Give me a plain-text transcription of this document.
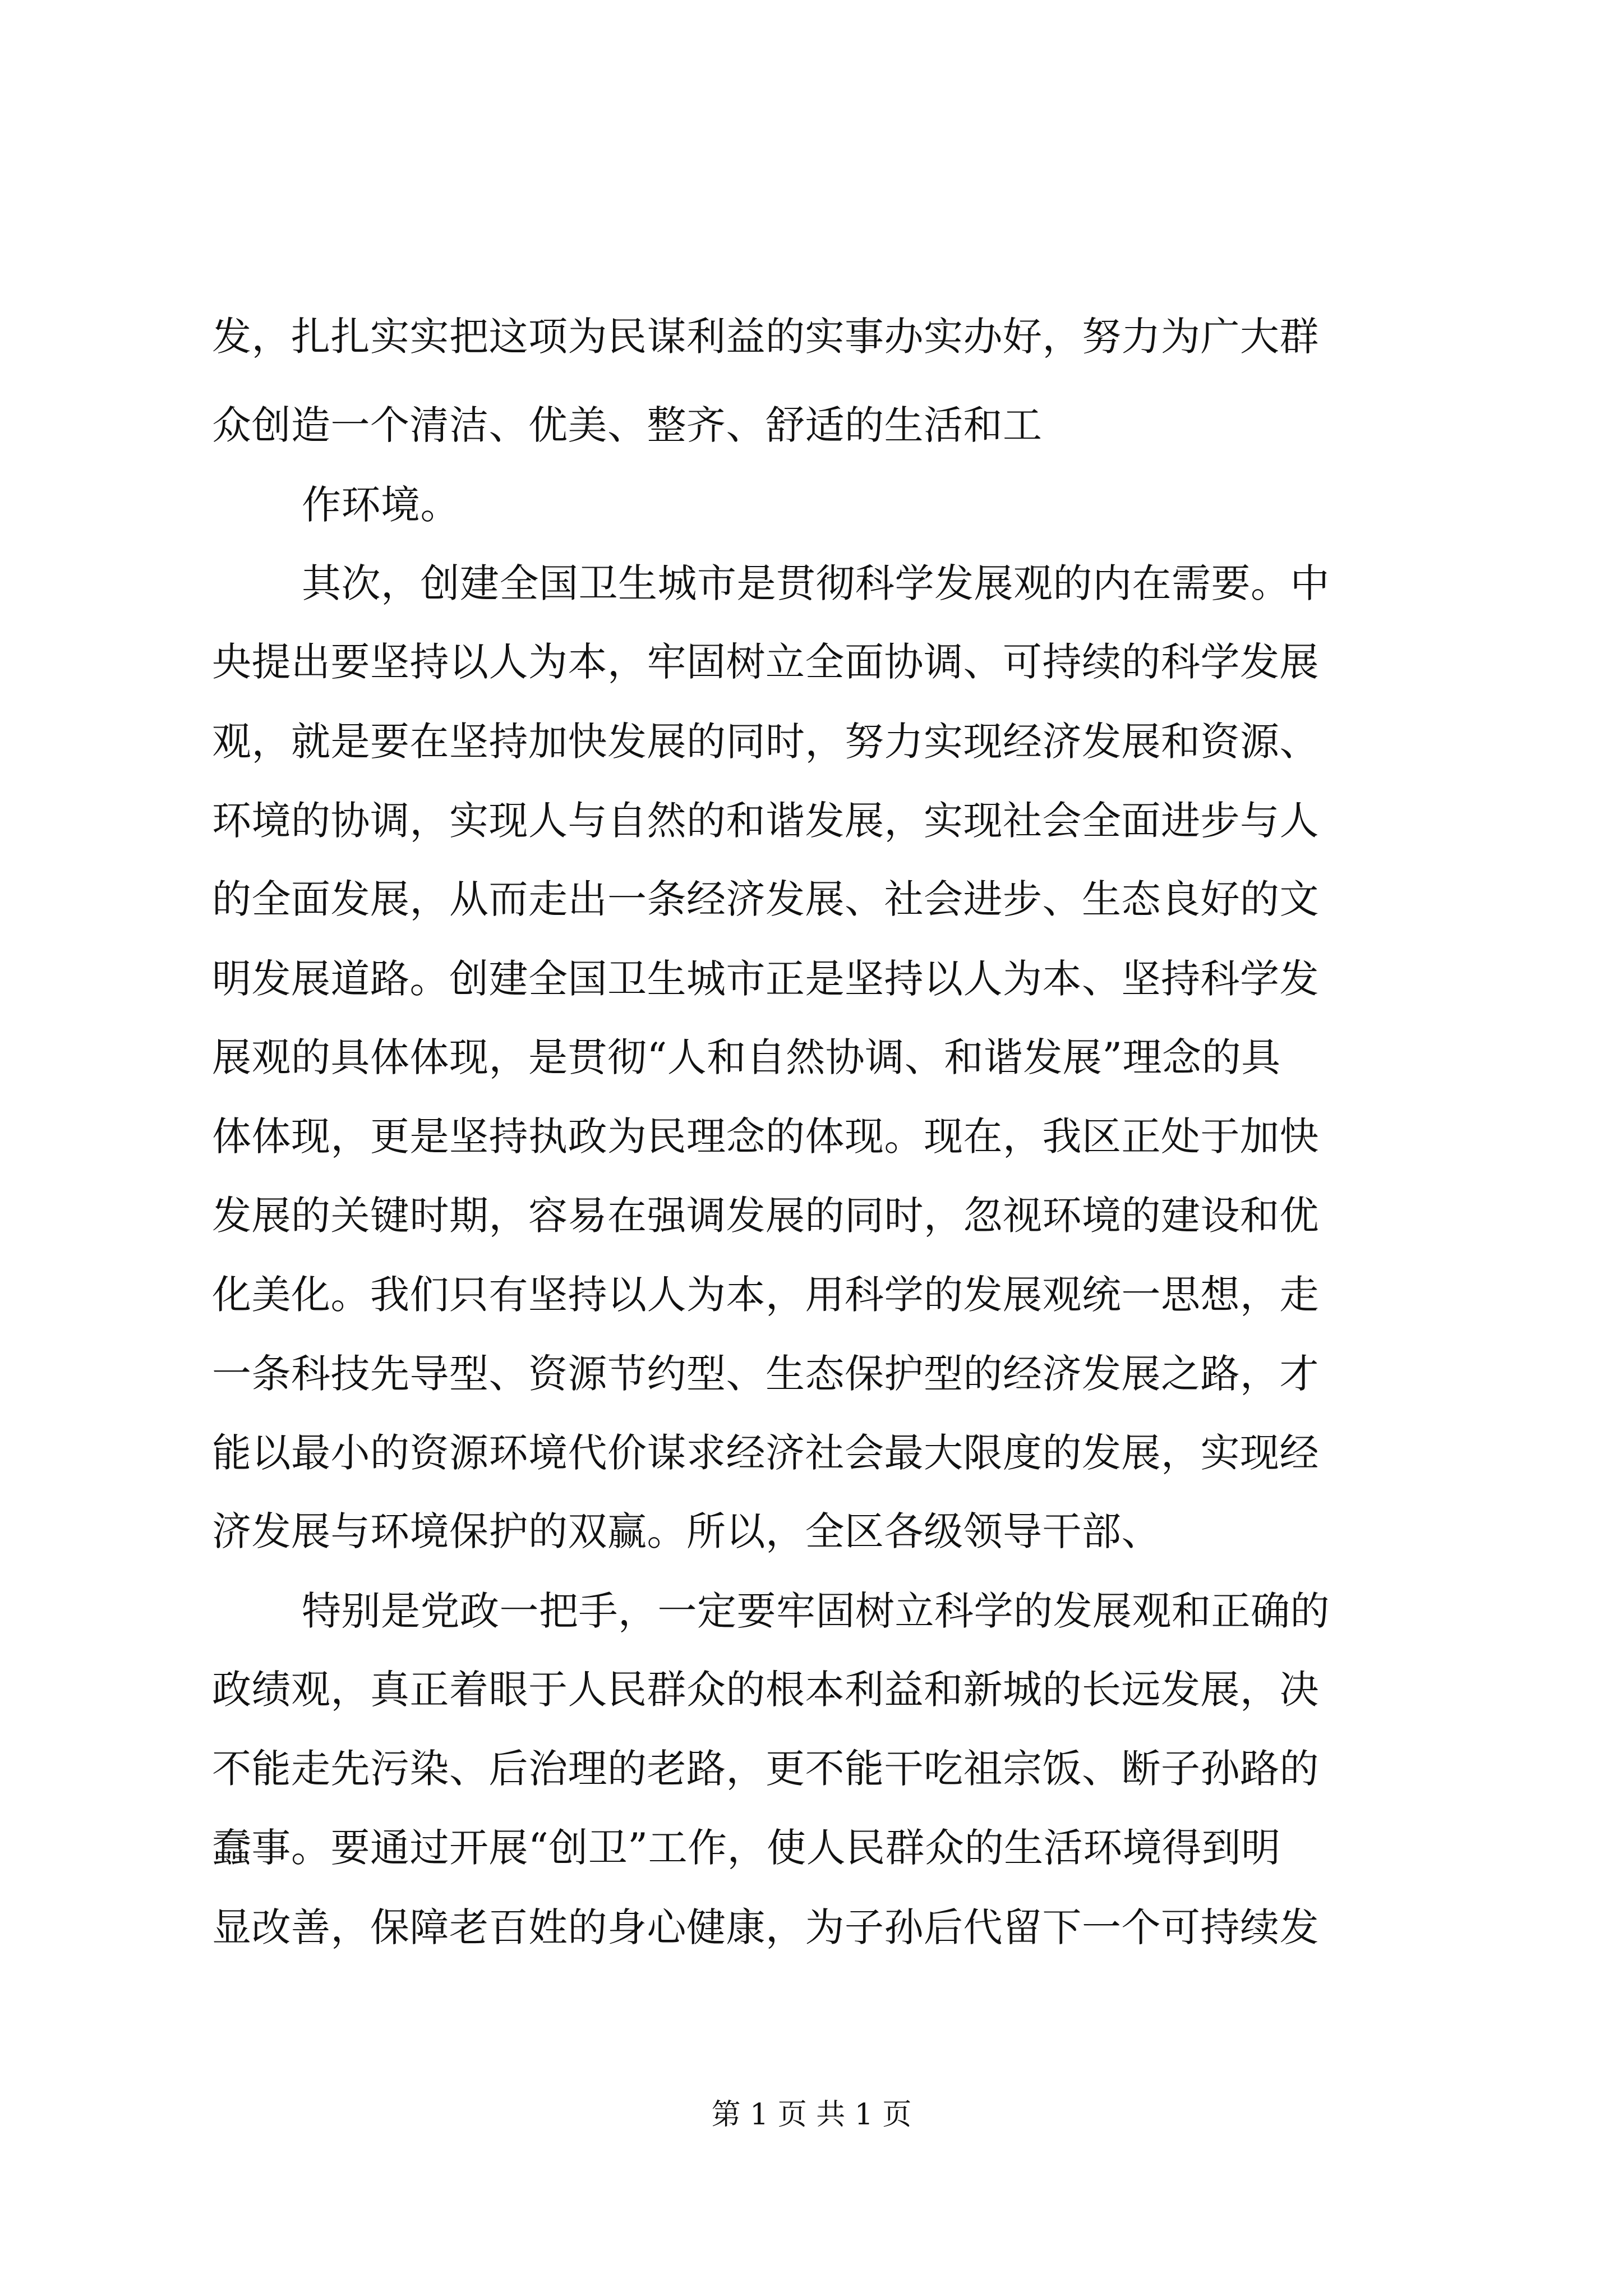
发，扎扎实实把这项为民谋利益的实事办实办好，努力为广大群
众创造一个清洁、优美、整齐、舒适的生活和工
作环境。
其次，创建全国卫生城市是贯彻科学发展观的内在需要。中
央提出要坚持以人为本，牢固树立全面协调、可持续的科学发展
观，就是要在坚持加快发展的同时，努力实现经济发展和资源、
环境的协调，实现人与自然的和谐发展，实现社会全面进步与人
的全面发展，从而走出一条经济发展、社会进步、生态良好的文
明发展道路。创建全国卫生城市正是坚持以人为本、坚持科学发
展观的具体体现，是贯彻“人和自然协调、和谐发展”理念的具
体体现，更是坚持执政为民理念的体现。现在，我区正处于加快
发展的关键时期，容易在强调发展的同时，忽视环境的建设和优
化美化。我们只有坚持以人为本，用科学的发展观统一思想，走
一条科技先导型、资源节约型、生态保护型的经济发展之路，才
能以最小的资源环境代价谋求经济社会最大限度的发展，实现经
济发展与环境保护的双赢。所以，全区各级领导干部、
特别是党政一把手，一定要牢固树立科学的发展观和正确的
政绩观，真正着眼于人民群众的根本利益和新城的长远发展，决
不能走先污染、后治理的老路，更不能干吃祖宗饭、断子孙路的
蠢事。要通过开展“创卫”工作，使人民群众的生活环境得到明
显改善，保障老百姓的身心健康，为子孙后代留下一个可持续发
第 1 页 共 1 页
